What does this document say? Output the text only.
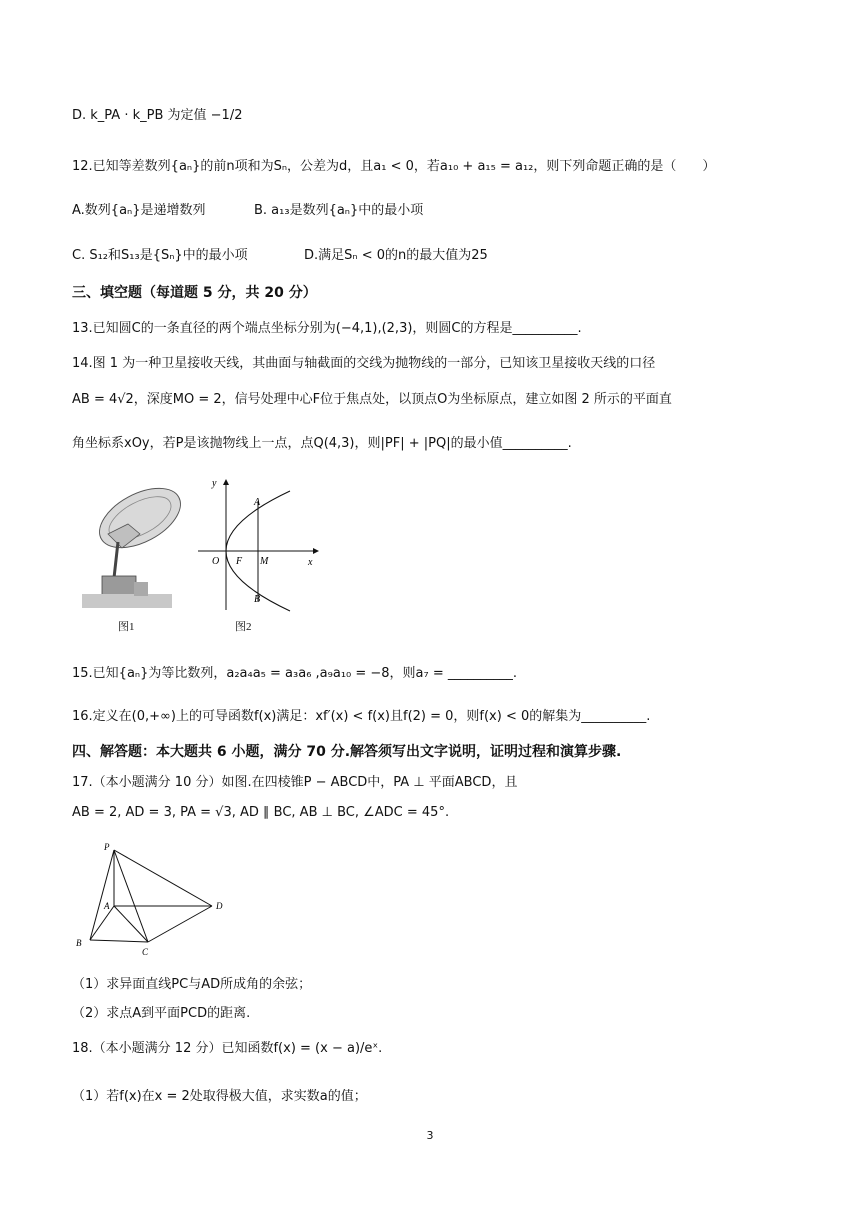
D. k_PA · k_PB 为定值 −1/2
12.已知等差数列{aₙ}的前n项和为Sₙ，公差为d，且a₁ < 0，若a₁₀ + a₁₅ = a₁₂，则下列命题正确的是（　　）
A.数列{aₙ}是递增数列	B. a₁₃是数列{aₙ}中的最小项
C. S₁₂和S₁₃是{Sₙ}中的最小项	D.满足Sₙ < 0的n的最大值为25
三、填空题（每道题 5 分，共 20 分）
13.已知圆C的一条直径的两个端点坐标分别为(−4,1),(2,3)，则圆C的方程是__________.
14.图 1 为一种卫星接收天线，其曲面与轴截面的交线为抛物线的一部分，已知该卫星接收天线的口径
AB = 4√2，深度MO = 2，信号处理中心F位于焦点处，以顶点O为坐标原点，建立如图 2 所示的平面直
角坐标系xOy，若P是该抛物线上一点，点Q(4,3)，则|PF| + |PQ|的最小值__________.
图1
y
x
O F M
A
B
图2
15.已知{aₙ}为等比数列，a₂a₄a₅ = a₃a₆ ,a₉a₁₀ = −8，则a₇ = __________.
16.定义在(0,+∞)上的可导函数f(x)满足：xf′(x) < f(x)且f(2) = 0，则f(x) < 0的解集为__________.
四、解答题：本大题共 6 小题，满分 70 分.解答须写出文字说明，证明过程和演算步骤.
17.（本小题满分 10 分）如图.在四棱锥P − ABCD中，PA ⊥ 平面ABCD，且
AB = 2, AD = 3, PA = √3, AD ∥ BC, AB ⊥ BC, ∠ADC = 45°.
P
A
B
C
D
（1）求异面直线PC与AD所成角的余弦；
（2）求点A到平面PCD的距离.
18.（本小题满分 12 分）已知函数f(x) = (x − a)/eˣ.
（1）若f(x)在x = 2处取得极大值，求实数a的值；
3
